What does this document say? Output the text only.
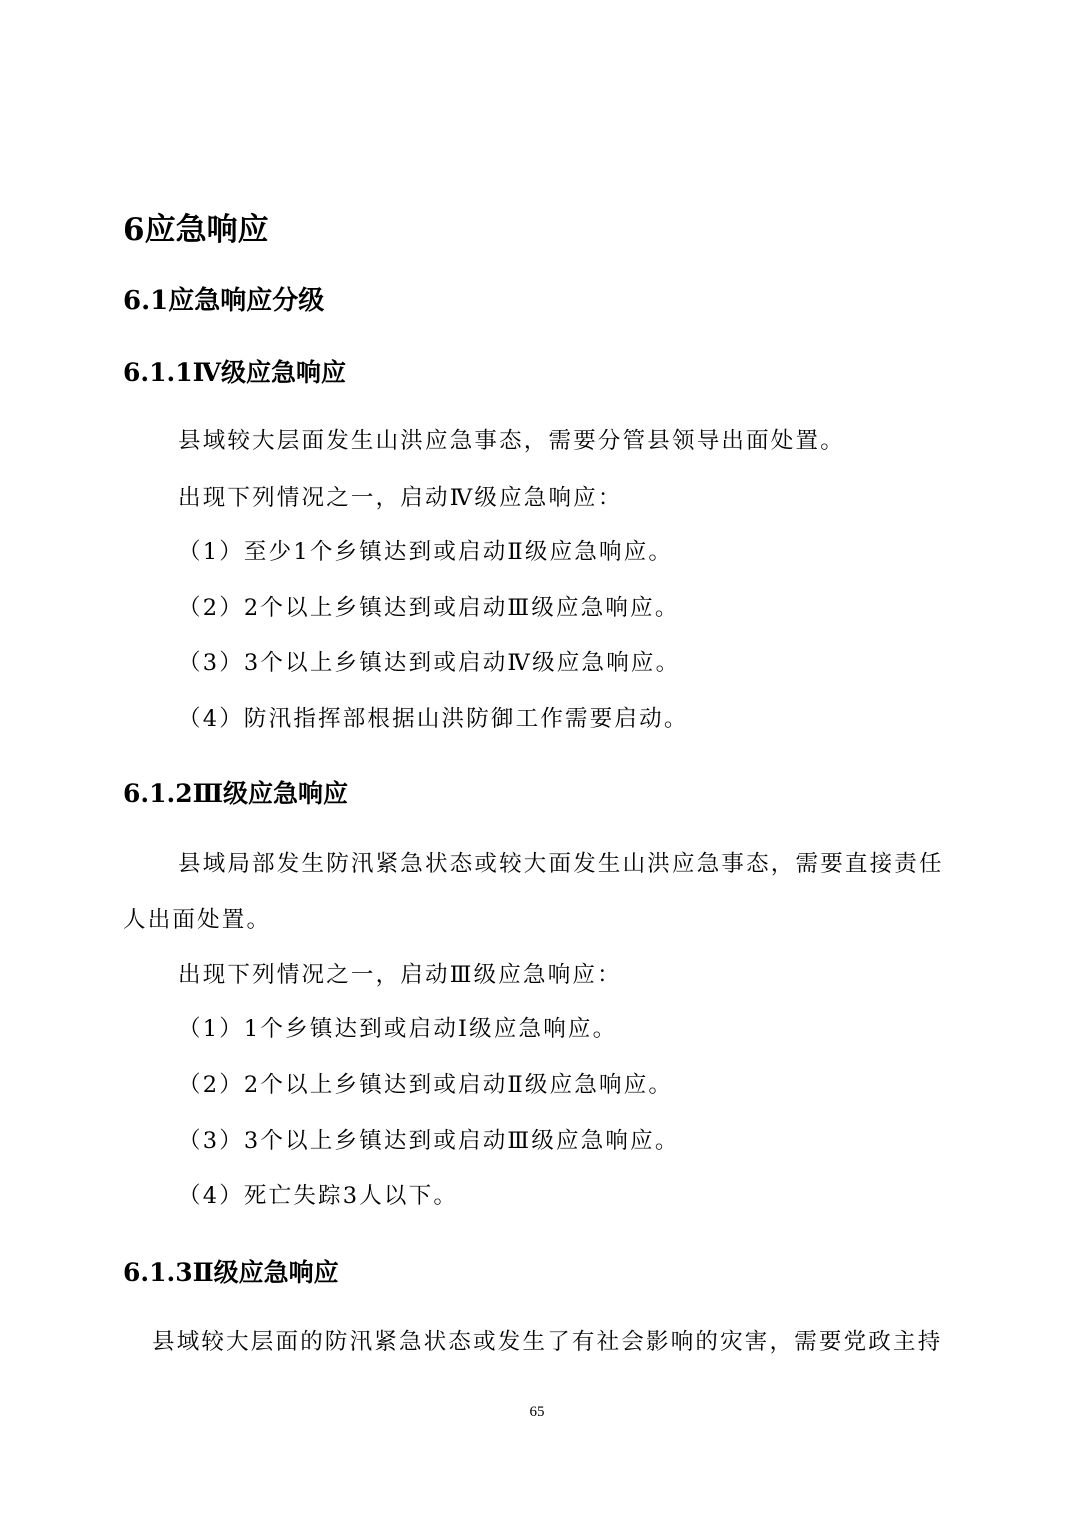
6应急响应
6.1应急响应分级
6.1.1Ⅳ级应急响应
县域较大层面发生山洪应急事态，需要分管县领导出面处置。
出现下列情况之一，启动Ⅳ级应急响应：
（1）至少1个乡镇达到或启动Ⅱ级应急响应。
（2）2个以上乡镇达到或启动Ⅲ级应急响应。
（3）3个以上乡镇达到或启动Ⅳ级应急响应。
（4）防汛指挥部根据山洪防御工作需要启动。
6.1.2Ⅲ级应急响应
县域局部发生防汛紧急状态或较大面发生山洪应急事态，需要直接责任
人出面处置。
出现下列情况之一，启动Ⅲ级应急响应：
（1）1个乡镇达到或启动Ⅰ级应急响应。
（2）2个以上乡镇达到或启动Ⅱ级应急响应。
（3）3个以上乡镇达到或启动Ⅲ级应急响应。
（4）死亡失踪3人以下。
6.1.3Ⅱ级应急响应
县域较大层面的防汛紧急状态或发生了有社会影响的灾害，需要党政主持
65
